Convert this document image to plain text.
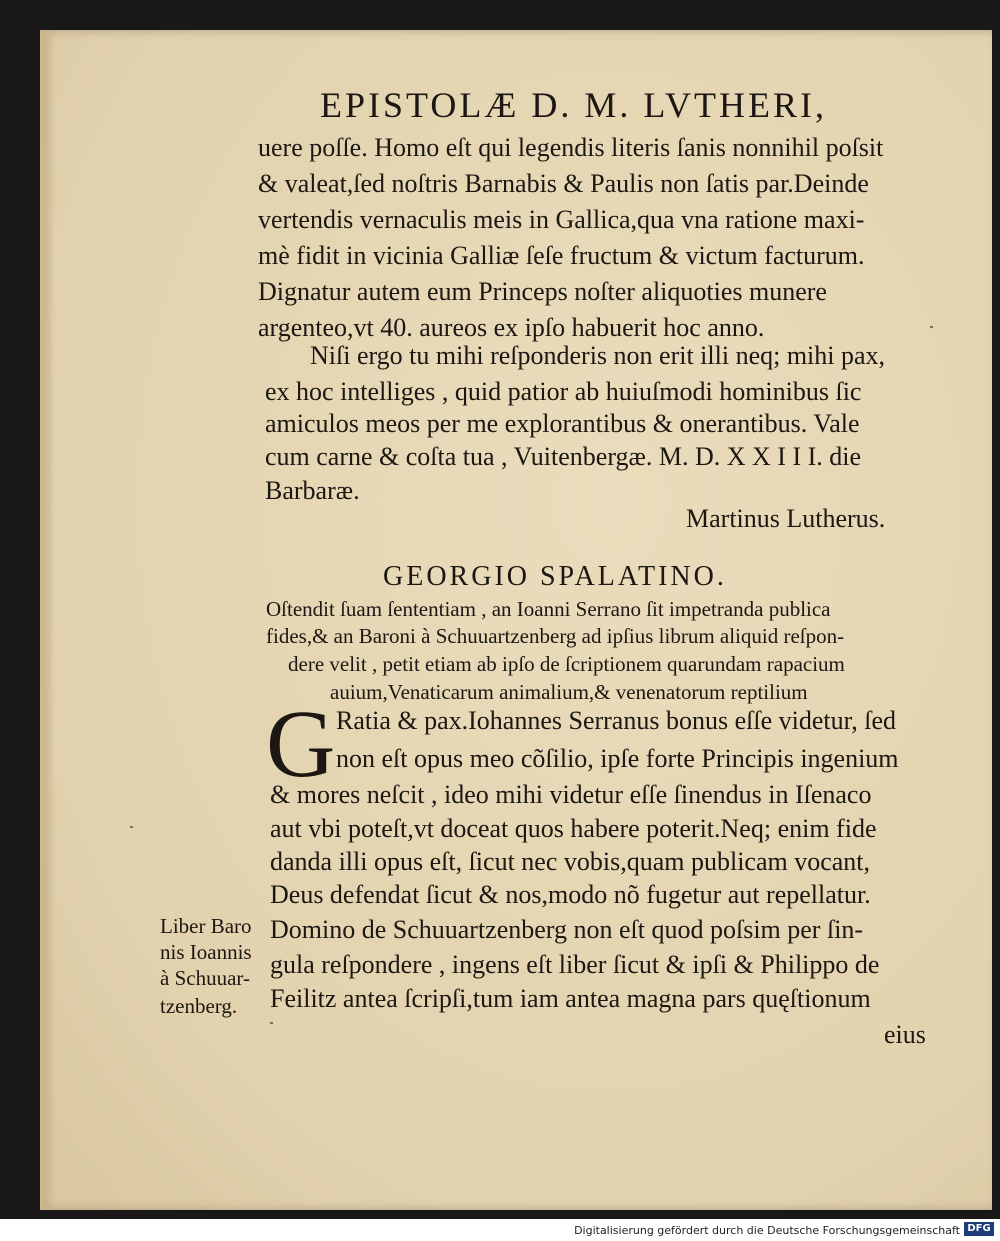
EPISTOLÆ D. M. LVTHERI,
uere poſſe. Homo eſt qui legendis literis ſanis nonnihil poſsit
& valeat,ſed noſtris Barnabis & Paulis non ſatis par.Deinde
vertendis vernaculis meis in Gallica,qua vna ratione maxi-
mè fidit in vicinia Galliæ ſeſe fructum & victum facturum.
Dignatur autem eum Princeps noſter aliquoties munere
argenteo,vt 40. aureos ex ipſo habuerit hoc anno.
Niſi ergo tu mihi reſponderis non erit illi neq; mihi pax,
ex hoc intelliges , quid patior ab huiuſmodi hominibus ſic
amiculos meos per me explorantibus & onerantibus. Vale
cum carne & coſta tua , Vuitenbergæ. M. D. X X I I I. die
Barbaræ.
Martinus Lutherus.
GEORGIO SPALATINO.
Oſtendit ſuam ſententiam , an Ioanni Serrano ſit impetranda publica
fides,& an Baroni à Schuuartzenberg ad ipſius librum aliquid reſpon-
dere velit , petit etiam ab ipſo de ſcriptionem quarundam rapacium
auium,Venaticarum animalium,& venenatorum reptilium
G Ratia & pax.Iohannes Serranus bonus eſſe videtur, ſed
non eſt opus meo cõſilio, ipſe forte Principis ingenium
& mores neſcit , ideo mihi videtur eſſe ſinendus in Iſenaco
aut vbi poteſt,vt doceat quos habere poterit.Neq; enim fide
danda illi opus eſt, ſicut nec vobis,quam publicam vocant,
Deus defendat ſicut & nos,modo nõ fugetur aut repellatur.
Domino de Schuuartzenberg non eſt quod poſsim per ſin-
gula reſpondere , ingens eſt liber ſicut & ipſi & Philippo de
Feilitz antea ſcripſi,tum iam antea magna pars quęſtionum
eius
Liber Baro
nis Ioannis
à Schuuar-
tzenberg.
Digitalisierung gefördert durch die Deutsche Forschungsgemeinschaft DFG
